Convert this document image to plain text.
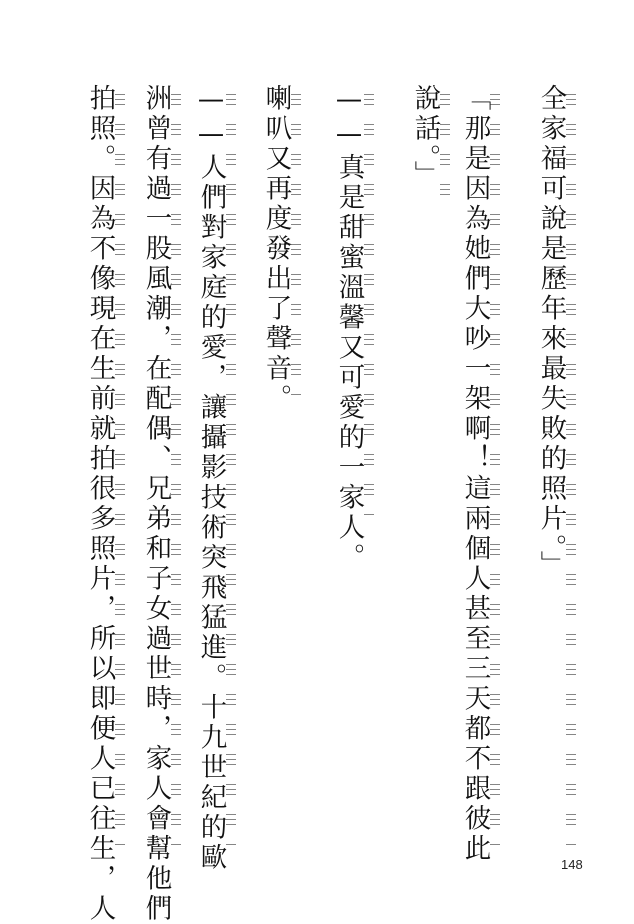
全家福可說是歷年來最失敗的照片。」
「那是因為她們大吵一架啊！這兩個人甚至三天都不跟彼此
說話。」
——真是甜蜜溫馨又可愛的一家人。
喇叭又再度發出了聲音。
——人們對家庭的愛，讓攝影技術突飛猛進。十九世紀的歐
洲曾有過一股風潮，在配偶、兄弟和子女過世時，家人會幫他們
拍照。因為不像現在生前就拍很多照片，所以即便人已往生，人	148
